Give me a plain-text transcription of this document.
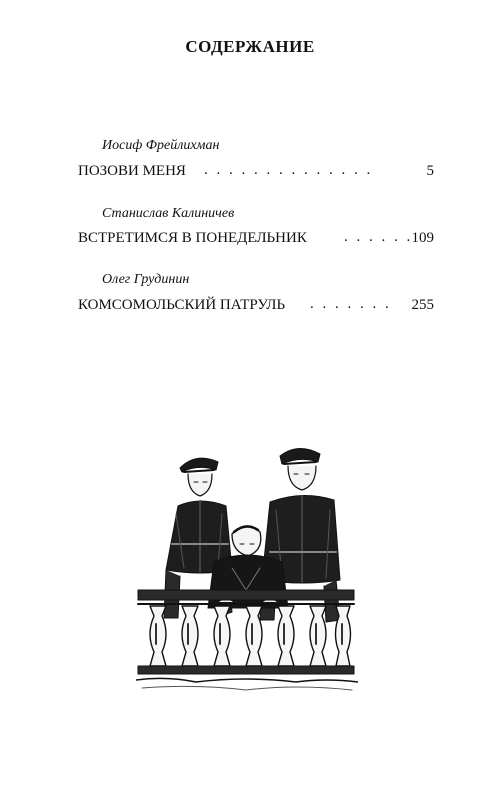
СОДЕРЖАНИЕ
Иосиф Фрейлихман
ПОЗОВИ МЕНЯ . . . . . . . . . . . . . .	5
Станислав Калиничев
ВСТРЕТИМСЯ В ПОНЕДЕЛЬНИК . . . . . .
109
Олег Грудинин
КОМСОМОЛЬСКИЙ ПАТРУЛЬ . . . . . . . 255
